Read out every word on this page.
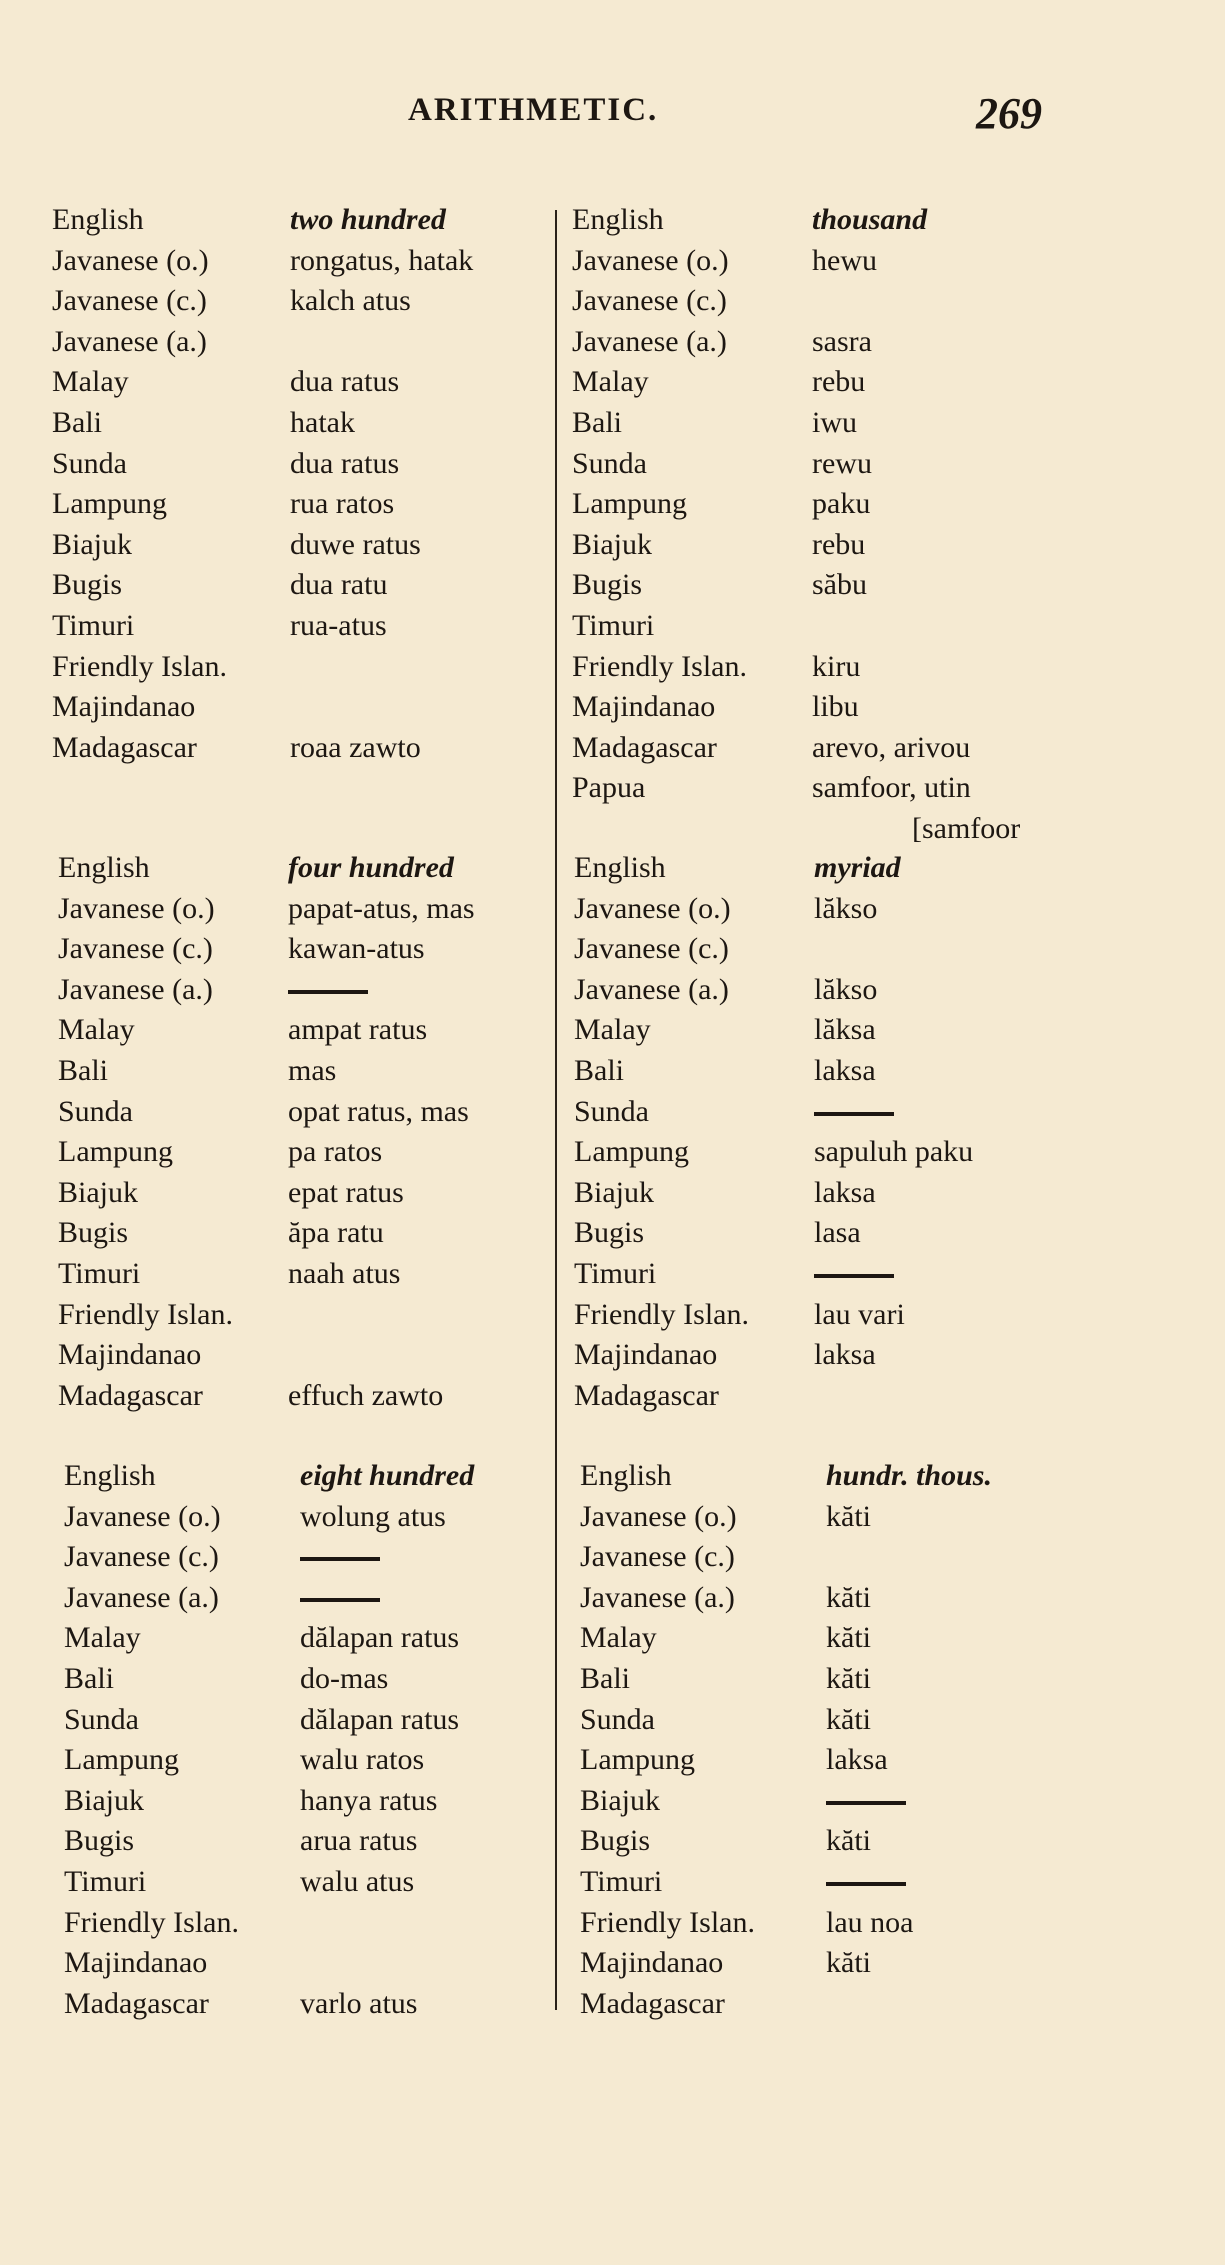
ARITHMETIC.	269
English	two hundred
Javanese (o.)	rongatus, hatak
Javanese (c.)	kalch atus
Javanese (a.)
Malay	dua ratus
Bali	hatak
Sunda	dua ratus
Lampung	rua ratos
Biajuk	duwe ratus
Bugis	dua ratu
Timuri	rua-atus
Friendly Islan.
Majindanao
Madagascar	roaa zawto
English	thousand
Javanese (o.)	hewu
Javanese (c.)
Javanese (a.)	sasra
Malay	rebu
Bali	iwu
Sunda	rewu
Lampung	paku
Biajuk	rebu
Bugis	săbu
Timuri
Friendly Islan. kiru
Majindanao	libu
Madagascar	arevo, arivou
Papua	samfoor, utin
[samfoor
English	four hundred
Javanese (o.) papat-atus, mas
Javanese (c.)	kawan-atus
Javanese (a.)
Malay	ampat ratus
Bali	mas
Sunda	opat ratus, mas
Lampung	pa ratos
Biajuk	epat ratus
Bugis	ăpa ratu
Timuri	naah atus
Friendly Islan.
Majindanao
Madagascar	effuch zawto
English	myriad
Javanese (o.)	lăkso
Javanese (c.)
Javanese (a.)	lăkso
Malay	lăksa
Bali	laksa
Sunda
Lampung	sapuluh paku
Biajuk	laksa
Bugis	lasa
Timuri
Friendly Islan. lau vari
Majindanao	laksa
Madagascar
English	eight hundred
Javanese (o.)	wolung atus
Javanese (c.)
Javanese (a.)
Malay	dălapan ratus
Bali	do-mas
Sunda	dălapan ratus
Lampung	walu ratos
Biajuk	hanya ratus
Bugis	arua ratus
Timuri	walu atus
Friendly Islan.
Majindanao
Madagascar	varlo atus
English	hundr. thous.
Javanese (o.)	kăti
Javanese (c.)
Javanese (a.)	kăti
Malay	kăti
Bali	kăti
Sunda	kăti
Lampung	laksa
Biajuk
Bugis	kăti
Timuri
Friendly Islan. lau noa
Majindanao	kăti
Madagascar
